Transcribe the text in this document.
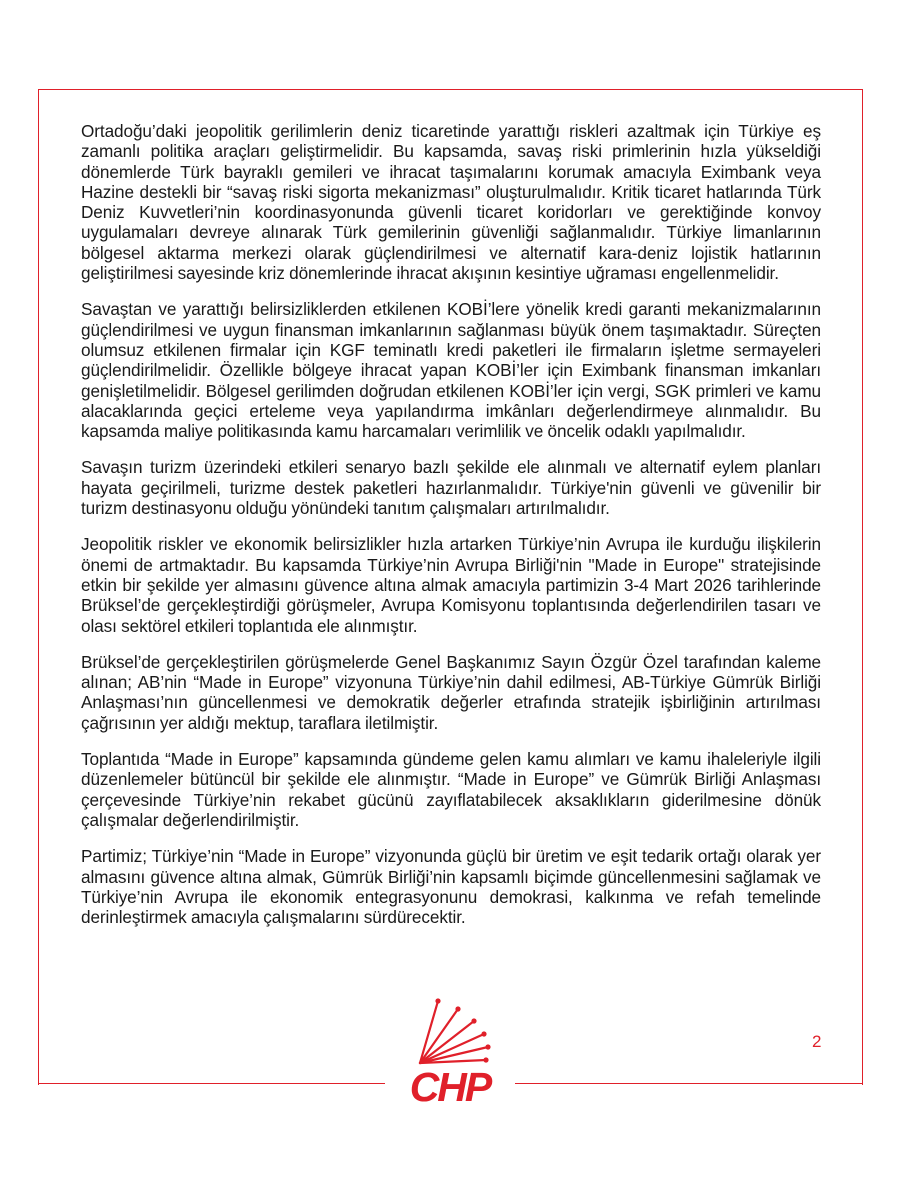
Ortadoğu’daki jeopolitik gerilimlerin deniz ticaretinde yarattığı riskleri azaltmak için Türkiye eş zamanlı politika araçları geliştirmelidir. Bu kapsamda, savaş riski primlerinin hızla yükseldiği dönemlerde Türk bayraklı gemileri ve ihracat taşımalarını korumak amacıyla Eximbank veya Hazine destekli bir “savaş riski sigorta mekanizması” oluşturulmalıdır. Kritik ticaret hatlarında Türk Deniz Kuvvetleri’nin koordinasyonunda güvenli ticaret koridorları ve gerektiğinde konvoy uygulamaları devreye alınarak Türk gemilerinin güvenliği sağlanmalıdır. Türkiye limanlarının bölgesel aktarma merkezi olarak güçlendirilmesi ve alternatif kara-deniz lojistik hatlarının geliştirilmesi sayesinde kriz dönemlerinde ihracat akışının kesintiye uğraması engellenmelidir.

Savaştan ve yarattığı belirsizliklerden etkilenen KOBİ’lere yönelik kredi garanti mekanizmalarının güçlendirilmesi ve uygun finansman imkanlarının sağlanması büyük önem taşımaktadır. Süreçten olumsuz etkilenen firmalar için KGF teminatlı kredi paketleri ile firmaların işletme sermayeleri güçlendirilmelidir. Özellikle bölgeye ihracat yapan KOBİ’ler için Eximbank finansman imkanları genişletilmelidir. Bölgesel gerilimden doğrudan etkilenen KOBİ’ler için vergi, SGK primleri ve kamu alacaklarında geçici erteleme veya yapılandırma imkânları değerlendirmeye alınmalıdır. Bu kapsamda maliye politikasında kamu harcamaları verimlilik ve öncelik odaklı yapılmalıdır.

Savaşın turizm üzerindeki etkileri senaryo bazlı şekilde ele alınmalı ve alternatif eylem planları hayata geçirilmeli, turizme destek paketleri hazırlanmalıdır. Türkiye'nin güvenli ve güvenilir bir turizm destinasyonu olduğu yönündeki tanıtım çalışmaları artırılmalıdır.

Jeopolitik riskler ve ekonomik belirsizlikler hızla artarken Türkiye’nin Avrupa ile kurduğu ilişkilerin önemi de artmaktadır. Bu kapsamda Türkiye’nin Avrupa Birliği'nin "Made in Europe" stratejisinde etkin bir şekilde yer almasını güvence altına almak amacıyla partimizin 3-4 Mart 2026 tarihlerinde Brüksel’de gerçekleştirdiği görüşmeler, Avrupa Komisyonu toplantısında değerlendirilen tasarı ve olası sektörel etkileri toplantıda ele alınmıştır.

Brüksel’de gerçekleştirilen görüşmelerde Genel Başkanımız Sayın Özgür Özel tarafından kaleme alınan; AB’nin “Made in Europe” vizyonuna Türkiye’nin dahil edilmesi, AB-Türkiye Gümrük Birliği Anlaşması’nın güncellenmesi ve demokratik değerler etrafında stratejik işbirliğinin artırılması çağrısının yer aldığı mektup, taraflara iletilmiştir.

Toplantıda “Made in Europe” kapsamında gündeme gelen kamu alımları ve kamu ihaleleriyle ilgili düzenlemeler bütüncül bir şekilde ele alınmıştır. “Made in Europe” ve Gümrük Birliği Anlaşması çerçevesinde Türkiye’nin rekabet gücünü zayıflatabilecek aksaklıkların giderilmesine dönük çalışmalar değerlendirilmiştir.

Partimiz; Türkiye’nin “Made in Europe” vizyonunda güçlü bir üretim ve eşit tedarik ortağı olarak yer almasını güvence altına almak, Gümrük Birliği’nin kapsamlı biçimde güncellenmesini sağlamak ve Türkiye’nin Avrupa ile ekonomik entegrasyonunu demokrasi, kalkınma ve refah temelinde derinleştirmek amacıyla çalışmalarını sürdürecektir.

CHP
2
